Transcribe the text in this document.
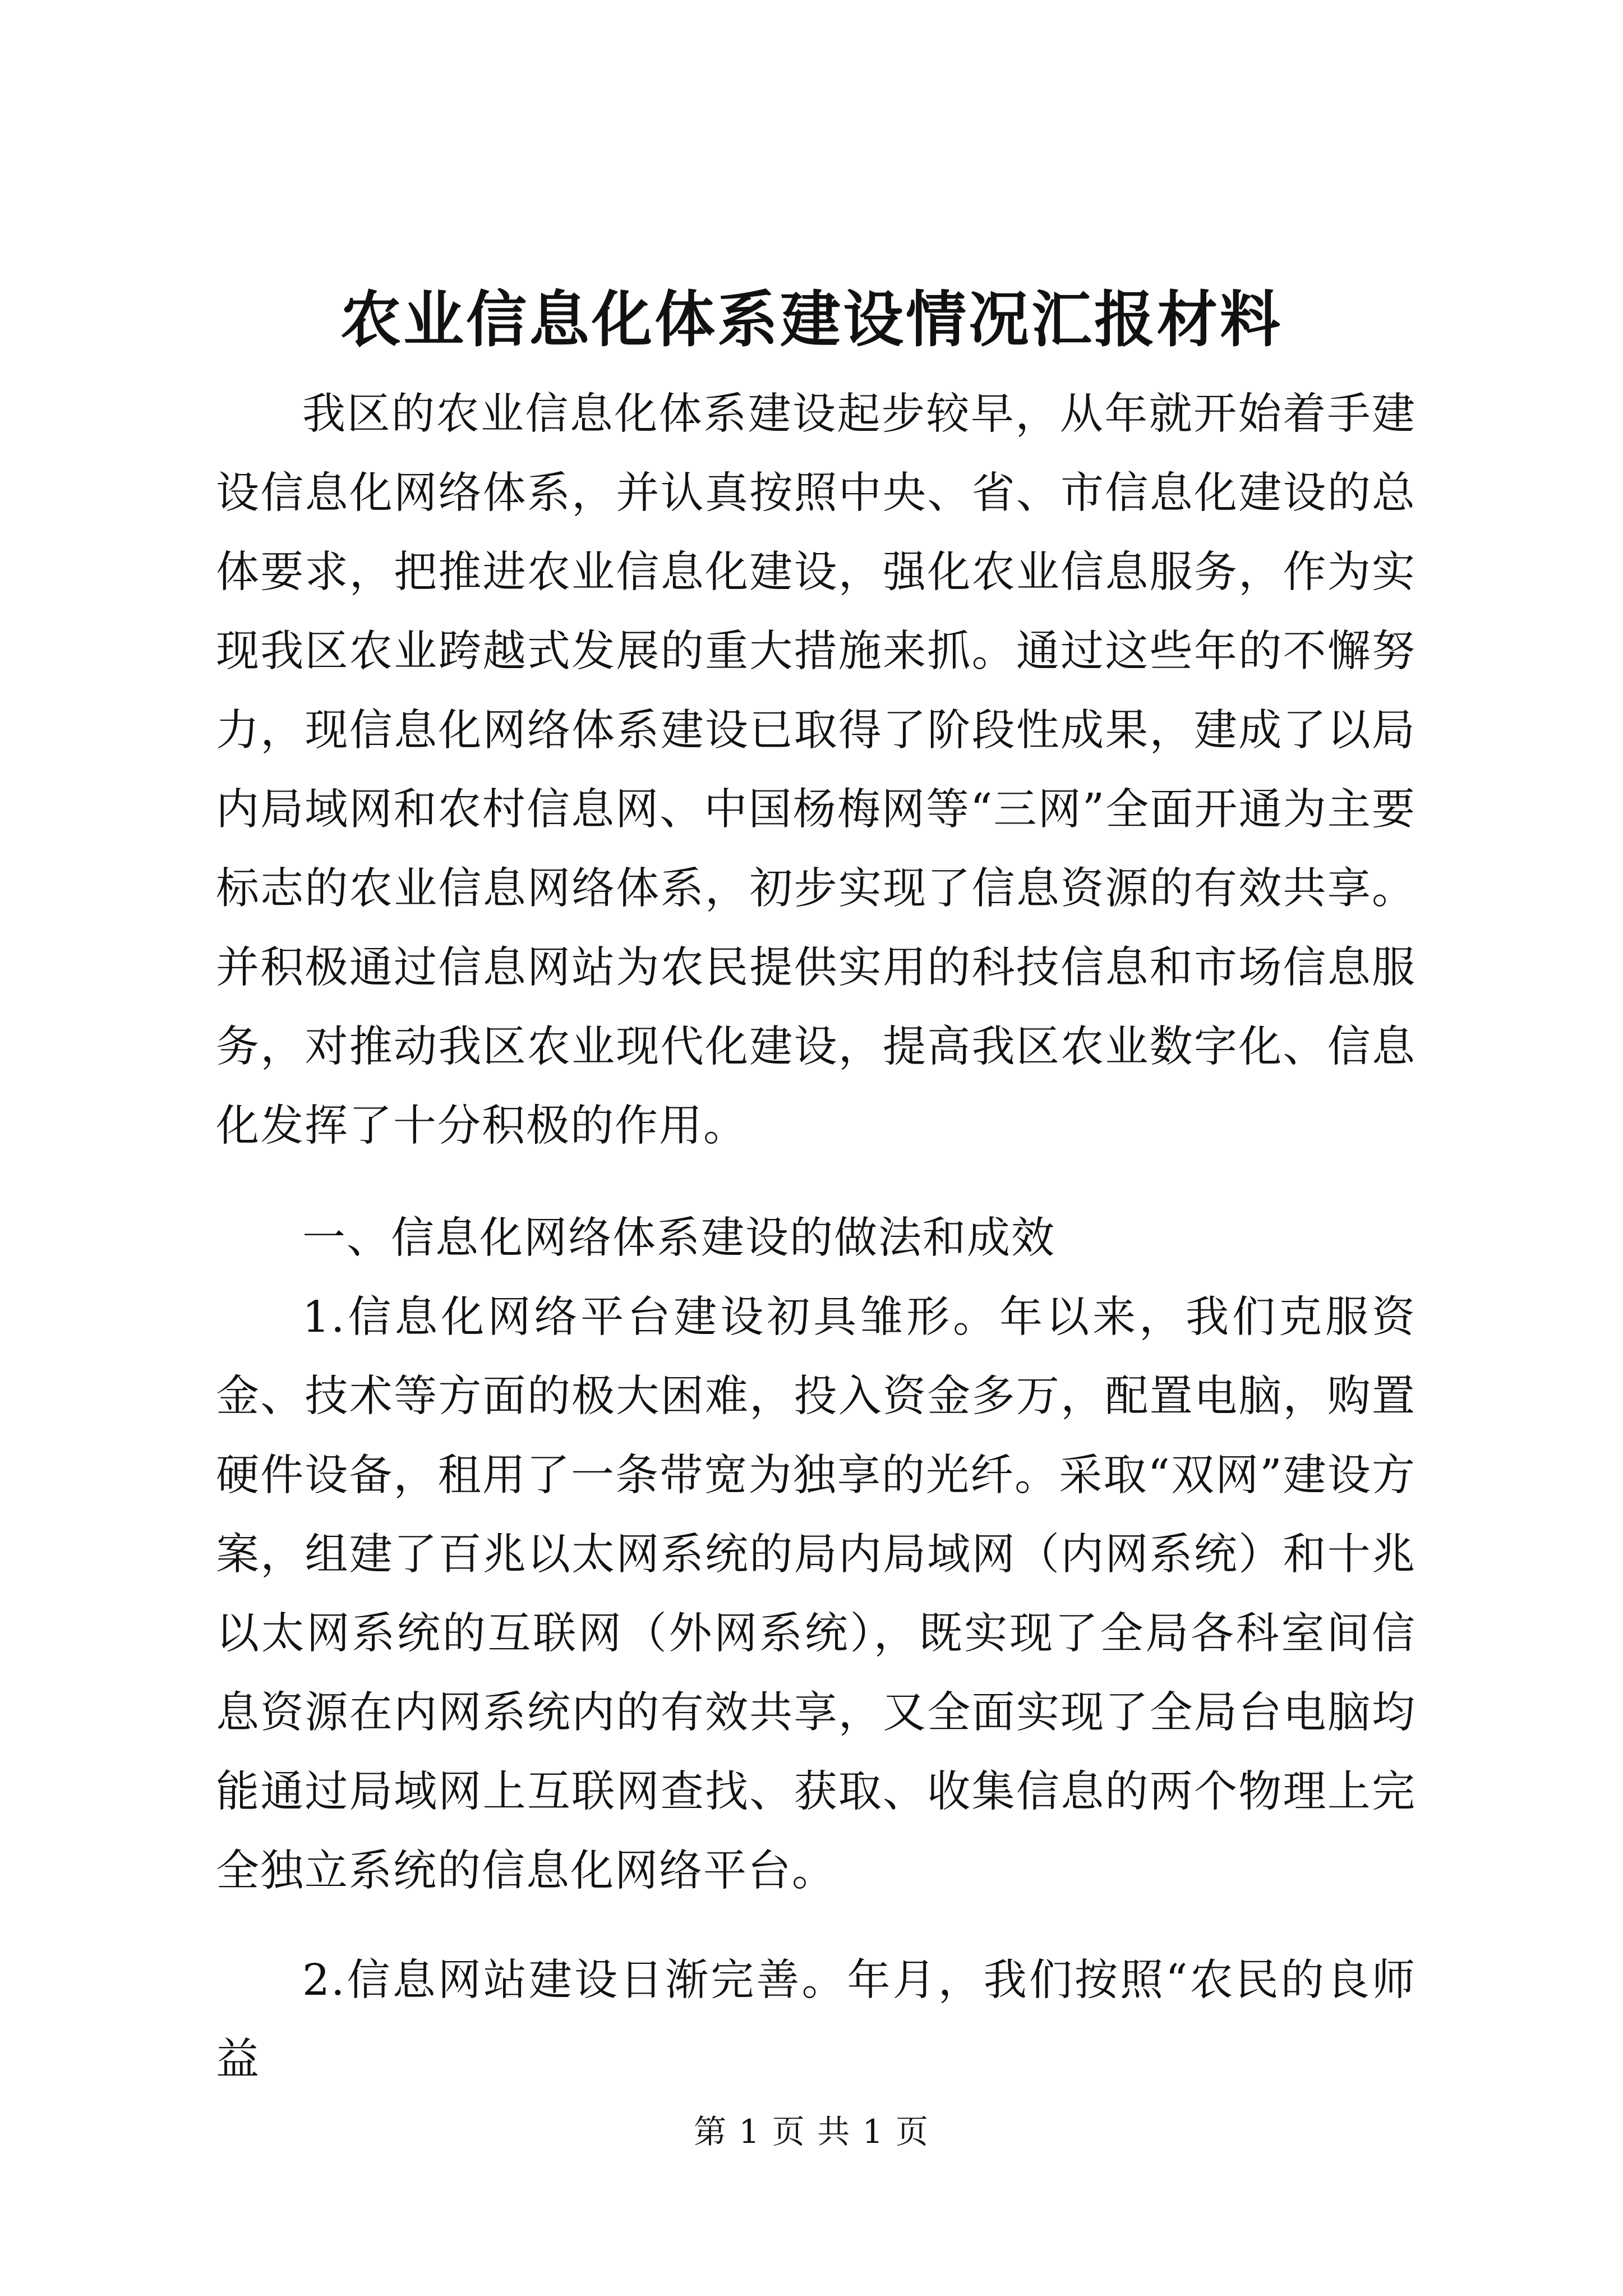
农业信息化体系建设情况汇报材料

我区的农业信息化体系建设起步较早，从年就开始着手建设信息化网络体系，并认真按照中央、省、市信息化建设的总体要求，把推进农业信息化建设，强化农业信息服务，作为实现我区农业跨越式发展的重大措施来抓。通过这些年的不懈努力，现信息化网络体系建设已取得了阶段性成果，建成了以局内局域网和农村信息网、中国杨梅网等“三网”全面开通为主要标志的农业信息网络体系，初步实现了信息资源的有效共享。并积极通过信息网站为农民提供实用的科技信息和市场信息服务，对推动我区农业现代化建设，提高我区农业数字化、信息化发挥了十分积极的作用。

一、信息化网络体系建设的做法和成效

1.信息化网络平台建设初具雏形。年以来，我们克服资金、技术等方面的极大困难，投入资金多万，配置电脑，购置硬件设备，租用了一条带宽为独享的光纤。采取“双网”建设方案，组建了百兆以太网系统的局内局域网（内网系统）和十兆以太网系统的互联网（外网系统），既实现了全局各科室间信息资源在内网系统内的有效共享，又全面实现了全局台电脑均能通过局域网上互联网查找、获取、收集信息的两个物理上完全独立系统的信息化网络平台。

2.信息网站建设日渐完善。年月，我们按照“农民的良师益

第 1 页 共 1 页
